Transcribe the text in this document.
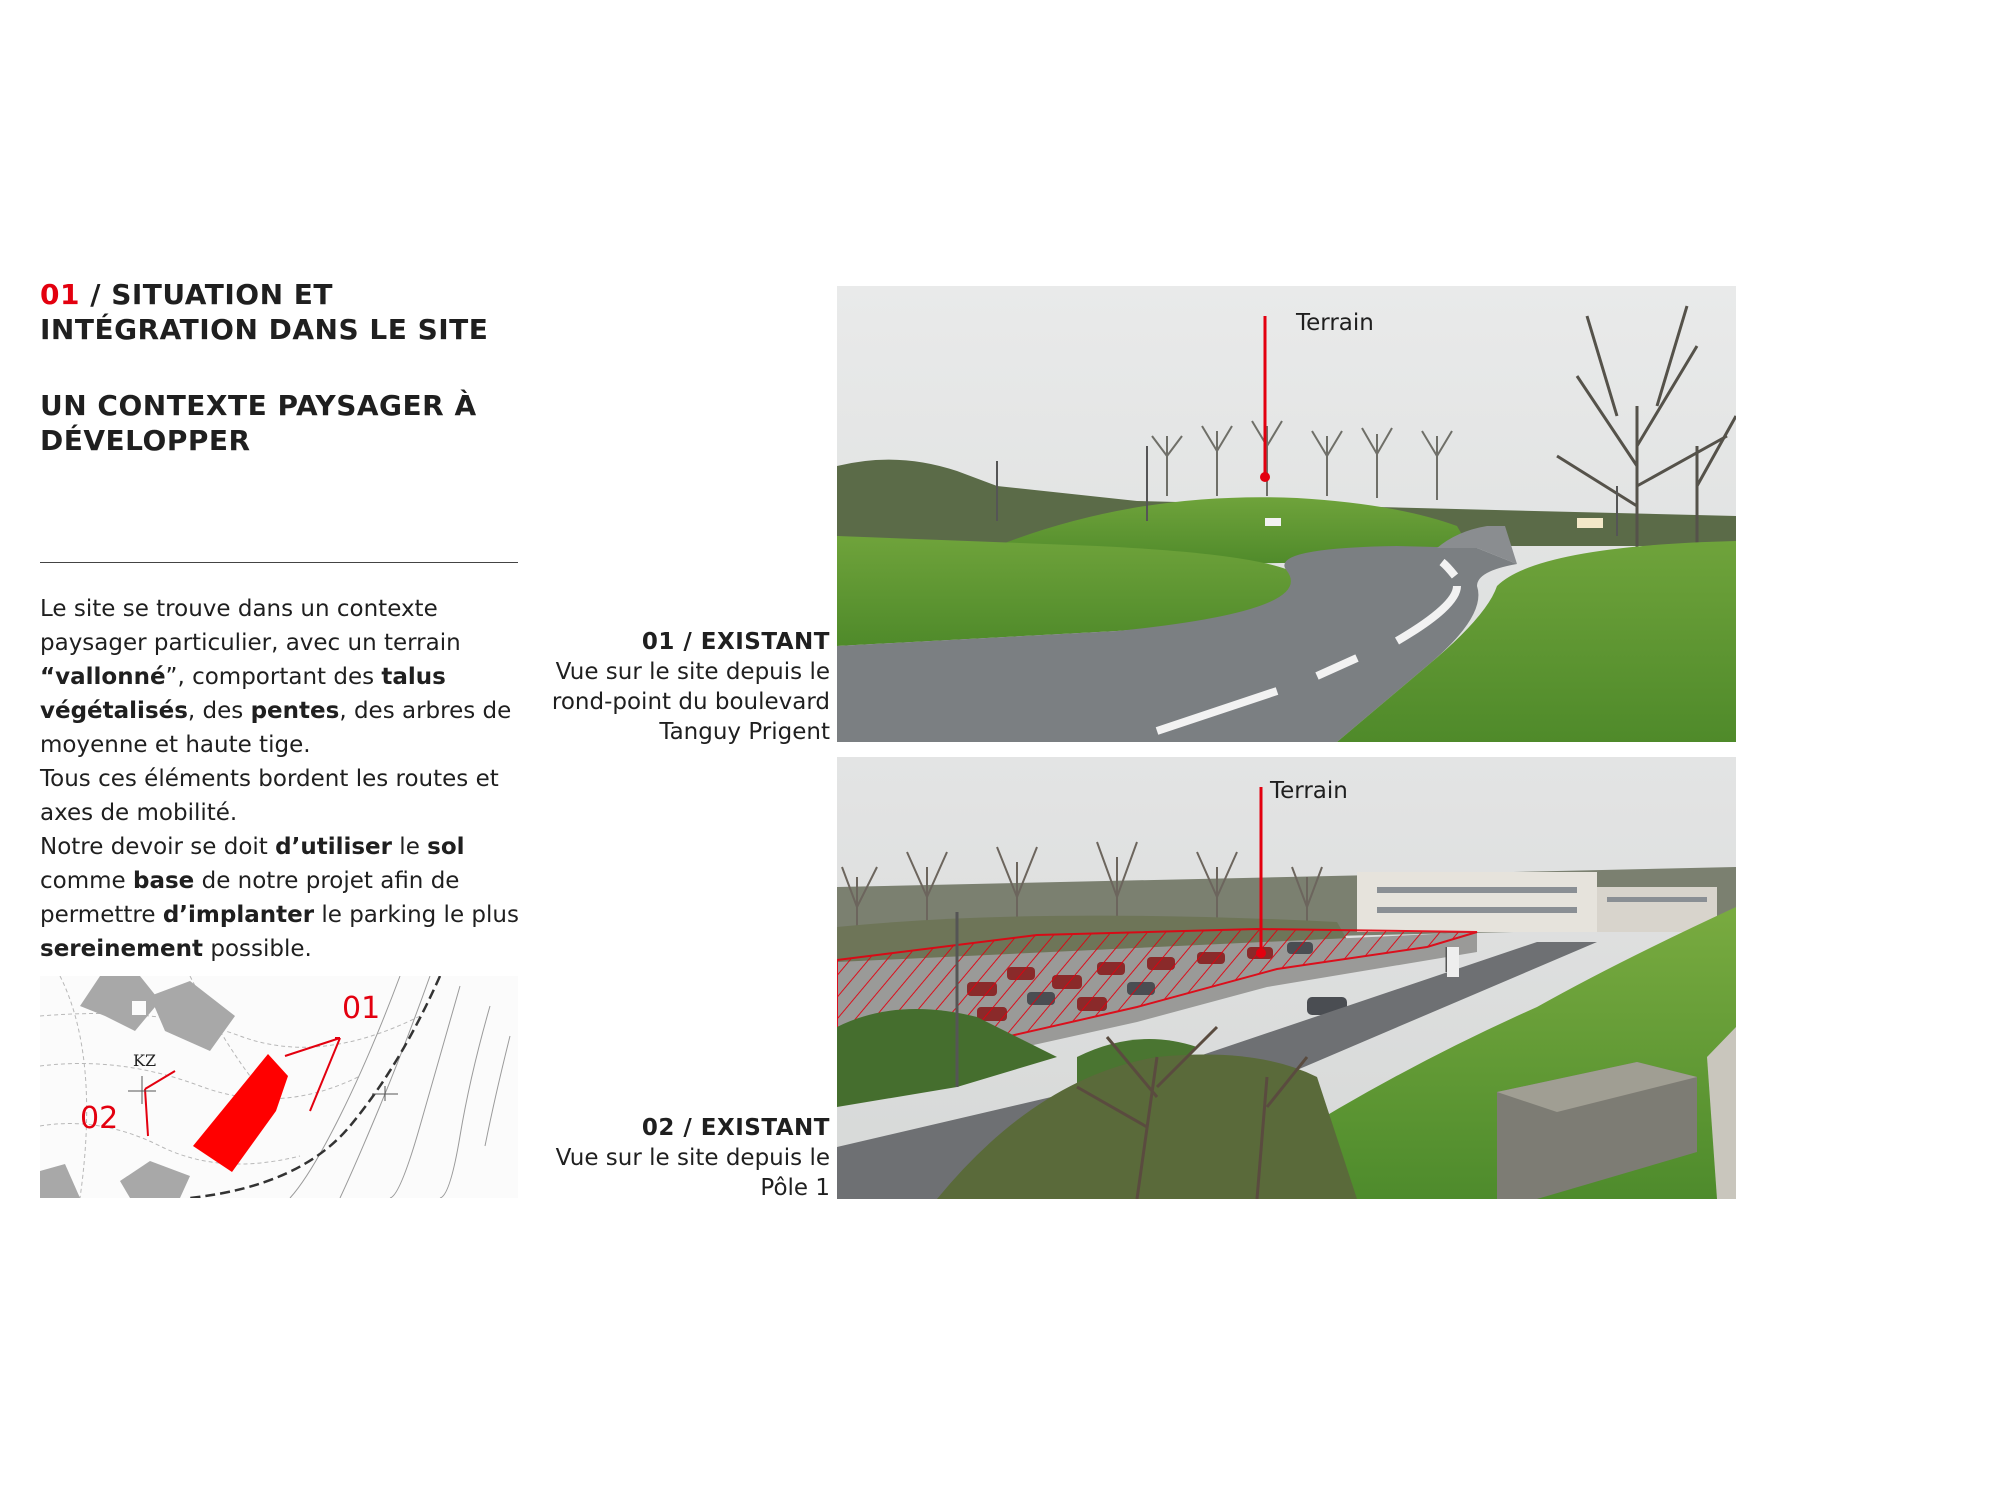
01 / SITUATION ET INTÉGRATION DANS LE SITE
UN CONTEXTE PAYSAGER À DÉVELOPPER

Le site se trouve dans un contexte paysager particulier, avec un terrain “vallonné”, comportant des talus végétalisés, des pentes, des arbres de moyenne et haute tige.
Tous ces éléments bordent les routes et axes de mobilité.
Notre devoir se doit d’utiliser le sol comme base de notre projet afin de permettre d’implanter le parking le plus sereinement possible.

01
02
KZ
01 / EXISTANT
Vue sur le site depuis le
rond-point du boulevard
Tanguy Prigent
Terrain
02 / EXISTANT
Vue sur le site depuis le
Pôle 1
Terrain
